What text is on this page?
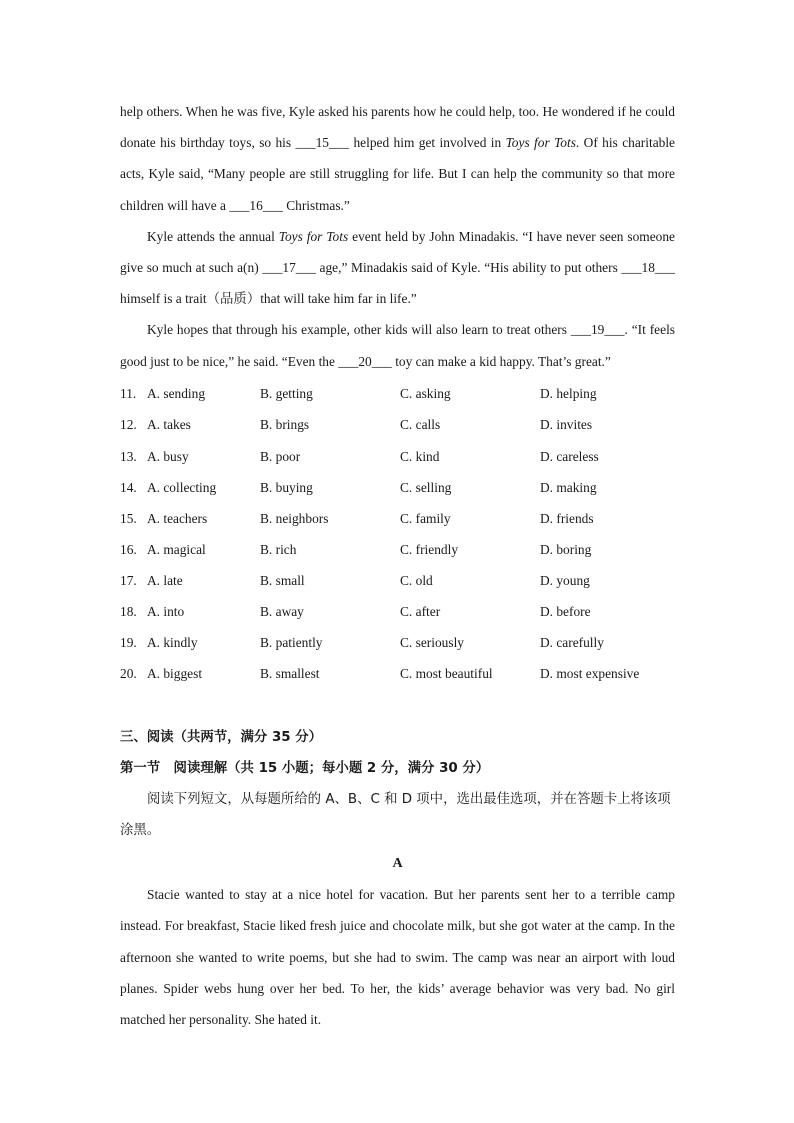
help others. When he was five, Kyle asked his parents how he could help, too. He wondered if he could donate his birthday toys, so his ___15___ helped him get involved in Toys for Tots. Of his charitable acts, Kyle said, “Many people are still struggling for life. But I can help the community so that more children will have a ___16___ Christmas.”

Kyle attends the annual Toys for Tots event held by John Minadakis. “I have never seen someone give so much at such a(n) ___17___ age,” Minadakis said of Kyle. “His ability to put others ___18___ himself is a trait（品质）that will take him far in life.”

Kyle hopes that through his example, other kids will also learn to treat others ___19___. “It feels good just to be nice,” he said. “Even the ___20___ toy can make a kid happy. That’s great.”

11. A. sending	B. getting	C. asking	D. helping
12. A. takes	B. brings	C. calls	D. invites
13. A. busy	B. poor	C. kind	D. careless
14. A. collecting	B. buying	C. selling	D. making
15. A. teachers	B. neighbors	C. family	D. friends
16. A. magical	B. rich	C. friendly	D. boring
17. A. late	B. small	C. old	D. young
18. A. into	B. away	C. after	D. before
19. A. kindly	B. patiently	C. seriously	D. carefully
20. A. biggest	B. smallest	C. most beautiful	D. most expensive

三、阅读（共两节，满分 35 分）

第一节　阅读理解（共 15 小题；每小题 2 分，满分 30 分）

阅读下列短文，从每题所给的 A、B、C 和 D 项中，选出最佳选项，并在答题卡上将该项涂黑。

A

Stacie wanted to stay at a nice hotel for vacation. But her parents sent her to a terrible camp instead. For breakfast, Stacie liked fresh juice and chocolate milk, but she got water at the camp. In the afternoon she wanted to write poems, but she had to swim. The camp was near an airport with loud planes. Spider webs hung over her bed. To her, the kids’ average behavior was very bad. No girl matched her personality. She hated it.
